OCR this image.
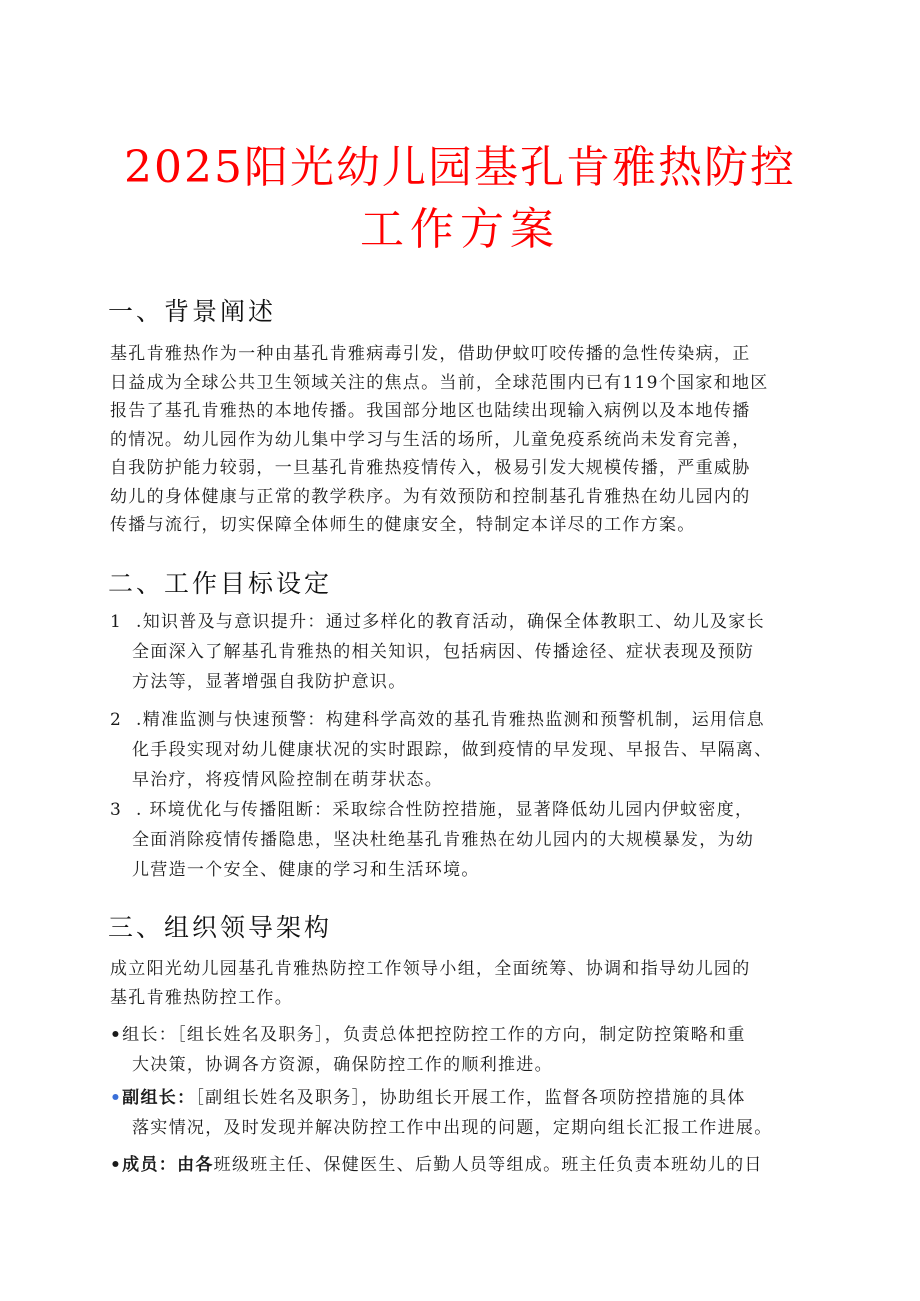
2025阳光幼儿园基孔肯雅热防控
工作方案
一、背景阐述
基孔肯雅热作为一种由基孔肯雅病毒引发，借助伊蚊叮咬传播的急性传染病，正
日益成为全球公共卫生领域关注的焦点。当前，全球范围内已有119个国家和地区
报告了基孔肯雅热的本地传播。我国部分地区也陆续出现输入病例以及本地传播
的情况。幼儿园作为幼儿集中学习与生活的场所，儿童免疫系统尚未发育完善，
自我防护能力较弱，一旦基孔肯雅热疫情传入，极易引发大规模传播，严重威胁
幼儿的身体健康与正常的教学秩序。为有效预防和控制基孔肯雅热在幼儿园内的
传播与流行，切实保障全体师生的健康安全，特制定本详尽的工作方案。
二、工作目标设定
1 .知识普及与意识提升：通过多样化的教育活动，确保全体教职工、幼儿及家长
全面深入了解基孔肯雅热的相关知识，包括病因、传播途径、症状表现及预防
方法等，显著增强自我防护意识。
2 .精准监测与快速预警：构建科学高效的基孔肯雅热监测和预警机制，运用信息
化手段实现对幼儿健康状况的实时跟踪，做到疫情的早发现、早报告、早隔离、
早治疗，将疫情风险控制在萌芽状态。
3 . 环境优化与传播阻断：采取综合性防控措施，显著降低幼儿园内伊蚊密度，
全面消除疫情传播隐患，坚决杜绝基孔肯雅热在幼儿园内的大规模暴发，为幼
儿营造一个安全、健康的学习和生活环境。
三、组织领导架构
成立阳光幼儿园基孔肯雅热防控工作领导小组，全面统筹、协调和指导幼儿园的
基孔肯雅热防控工作。
•组长：［组长姓名及职务］，负责总体把控防控工作的方向，制定防控策略和重
大决策，协调各方资源，确保防控工作的顺利推进。
•副组长：［副组长姓名及职务］，协助组长开展工作，监督各项防控措施的具体
落实情况，及时发现并解决防控工作中出现的问题，定期向组长汇报工作进展。
•成员：由各班级班主任、保健医生、后勤人员等组成。班主任负责本班幼儿的日
